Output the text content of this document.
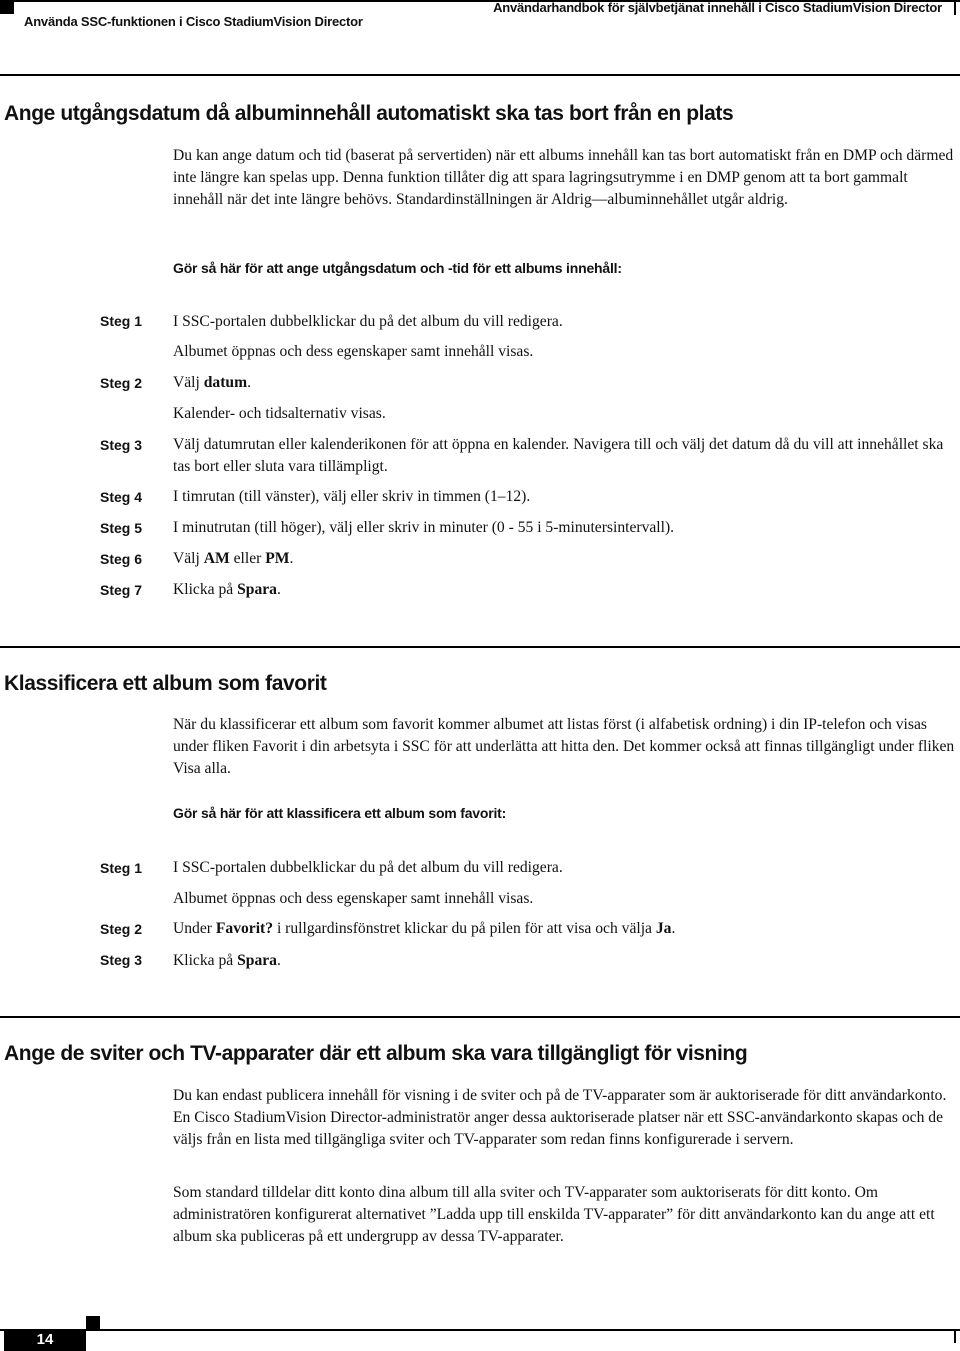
Använda SSC-funktionen i Cisco StadiumVision Director
Användarhandbok för självbetjänat innehåll i Cisco StadiumVision Director
Ange utgångsdatum då albuminnehåll automatiskt ska tas bort från en plats
Du kan ange datum och tid (baserat på servertiden) när ett albums innehåll kan tas bort automatiskt från en DMP och därmed inte längre kan spelas upp. Denna funktion tillåter dig att spara lagringsutrymme i en DMP genom att ta bort gammalt innehåll när det inte längre behövs. Standardinställningen är Aldrig—albuminnehållet utgår aldrig.
Gör så här för att ange utgångsdatum och -tid för ett albums innehåll:
Steg 1 I SSC-portalen dubbelklickar du på det album du vill redigera.
Albumet öppnas och dess egenskaper samt innehåll visas.
Steg 2 Välj datum.
Kalender- och tidsalternativ visas.
Steg 3 Välj datumrutan eller kalenderikonen för att öppna en kalender. Navigera till och välj det datum då du vill att innehållet ska tas bort eller sluta vara tillämpligt.
Steg 4 I timrutan (till vänster), välj eller skriv in timmen (1–12).
Steg 5 I minutrutan (till höger), välj eller skriv in minuter (0 - 55 i 5-minutersintervall).
Steg 6 Välj AM eller PM.
Steg 7 Klicka på Spara.
Klassificera ett album som favorit
När du klassificerar ett album som favorit kommer albumet att listas först (i alfabetisk ordning) i din IP-telefon och visas under fliken Favorit i din arbetsyta i SSC för att underlätta att hitta den. Det kommer också att finnas tillgängligt under fliken Visa alla.
Gör så här för att klassificera ett album som favorit:
Steg 1 I SSC-portalen dubbelklickar du på det album du vill redigera.
Albumet öppnas och dess egenskaper samt innehåll visas.
Steg 2 Under Favorit? i rullgardinsfönstret klickar du på pilen för att visa och välja Ja.
Steg 3 Klicka på Spara.
Ange de sviter och TV-apparater där ett album ska vara tillgängligt för visning
Du kan endast publicera innehåll för visning i de sviter och på de TV-apparater som är auktoriserade för ditt användarkonto. En Cisco StadiumVision Director-administratör anger dessa auktoriserade platser när ett SSC-användarkonto skapas och de väljs från en lista med tillgängliga sviter och TV-apparater som redan finns konfigurerade i servern.
Som standard tilldelar ditt konto dina album till alla sviter och TV-apparater som auktoriserats för ditt konto. Om administratören konfigurerat alternativet ”Ladda upp till enskilda TV-apparater” för ditt användarkonto kan du ange att ett album ska publiceras på ett undergrupp av dessa TV-apparater.
14
